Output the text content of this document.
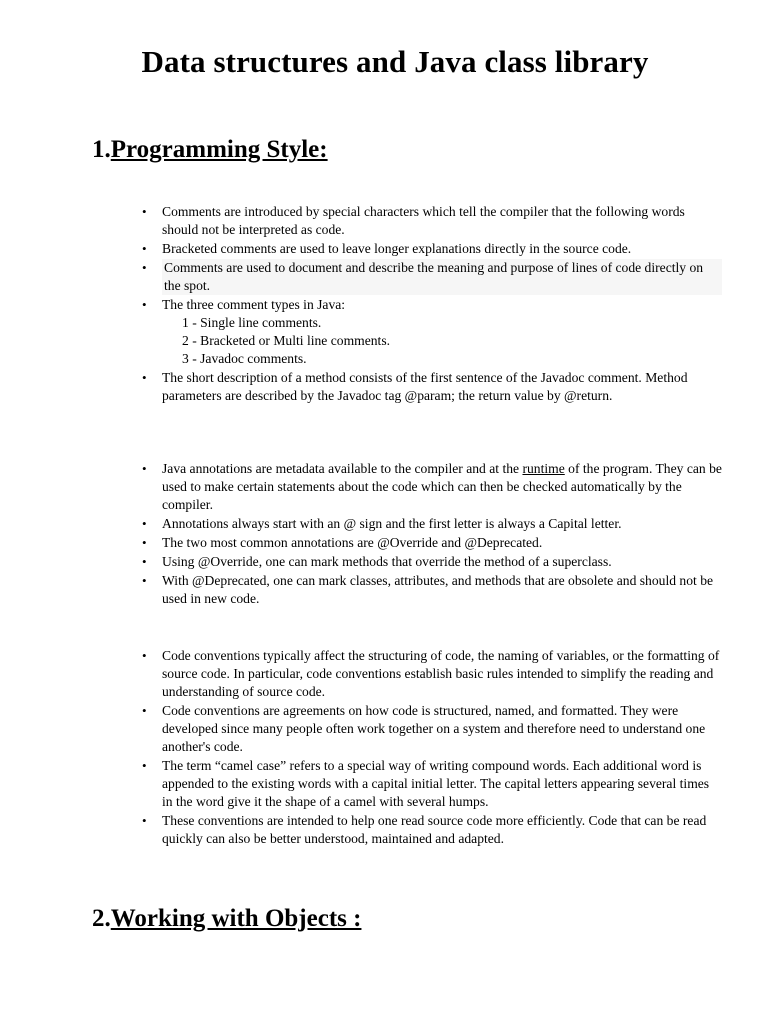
Data structures and Java class library
1.Programming Style:
• Comments are introduced by special characters which tell the compiler that the following words should not be interpreted as code.
• Bracketed comments are used to leave longer explanations directly in the source code.
• Comments are used to document and describe the meaning and purpose of lines of code directly on the spot.
• The three comment types in Java:
1 - Single line comments.
2 - Bracketed or Multi line comments.
3 - Javadoc comments.
• The short description of a method consists of the first sentence of the Javadoc comment. Method parameters are described by the Javadoc tag @param; the return value by @return.
• Java annotations are metadata available to the compiler and at the runtime of the program. They can be used to make certain statements about the code which can then be checked automatically by the compiler.
• Annotations always start with an @ sign and the first letter is always a Capital letter.
• The two most common annotations are @Override and @Deprecated.
• Using @Override, one can mark methods that override the method of a superclass.
• With @Deprecated, one can mark classes, attributes, and methods that are obsolete and should not be used in new code.
• Code conventions typically affect the structuring of code, the naming of variables, or the formatting of source code. In particular, code conventions establish basic rules intended to simplify the reading and understanding of source code.
• Code conventions are agreements on how code is structured, named, and formatted. They were developed since many people often work together on a system and therefore need to understand one another's code.
• The term “camel case” refers to a special way of writing compound words. Each additional word is appended to the existing words with a capital initial letter. The capital letters appearing several times in the word give it the shape of a camel with several humps.
• These conventions are intended to help one read source code more efficiently. Code that can be read quickly can also be better understood, maintained and adapted.
2.Working with Objects :
